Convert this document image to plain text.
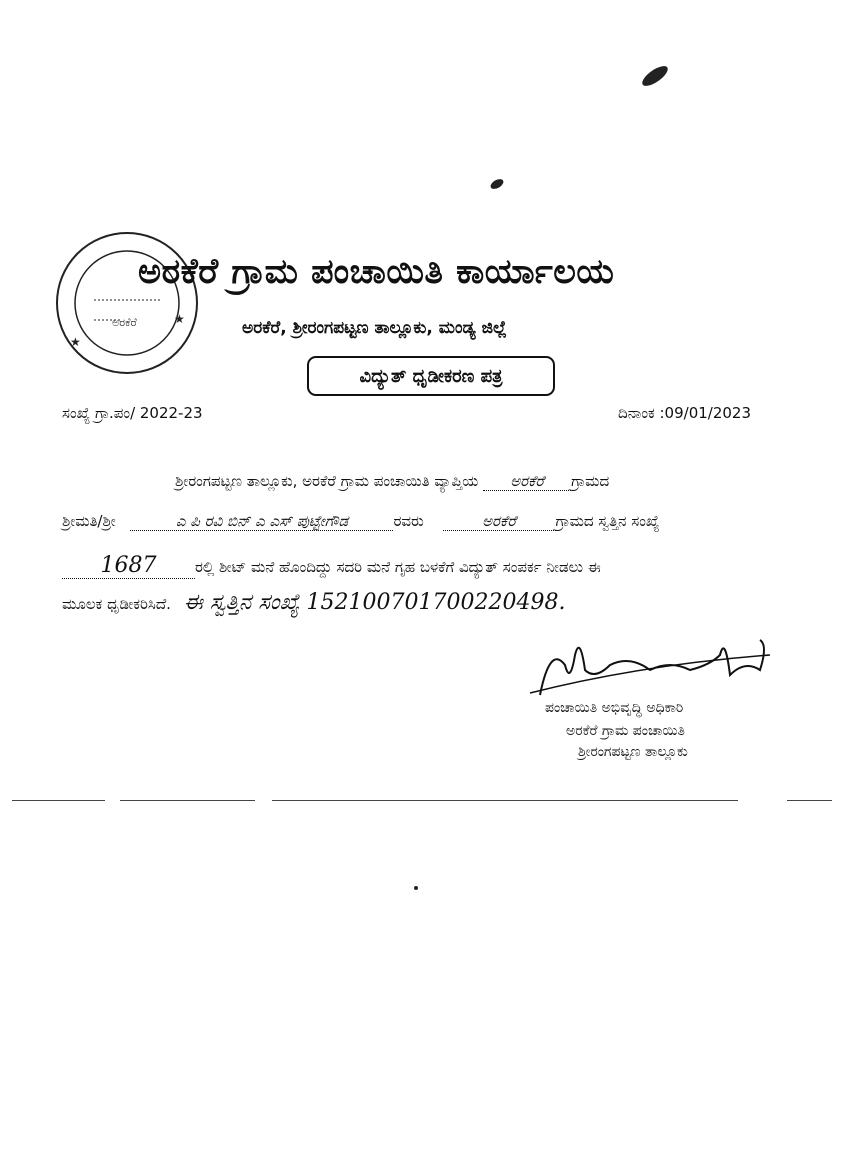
★
★
ಅರಕೆರೆ
ಅರಕೆರೆ ಗ್ರಾಮ ಪಂಚಾಯಿತಿ ಕಾರ್ಯಾಲಯ
ಅರಕೆರೆ, ಶ್ರೀರಂಗಪಟ್ಟಣ ತಾಲ್ಲೂಕು, ಮಂಡ್ಯ ಜಿಲ್ಲೆ
ವಿದ್ಯುತ್ ಧೃಡೀಕರಣ ಪತ್ರ
ಸಂಖ್ಯೆ ಗ್ರಾ.ಪಂ/ 2022-23	ದಿನಾಂಕ :09/01/2023
ಶ್ರೀರಂಗಪಟ್ಟಣ ತಾಲ್ಲೂಕು, ಅರಕೆರೆ ಗ್ರಾಮ ಪಂಚಾಯಿತಿ ವ್ಯಾಪ್ತಿಯ ಅರಕೆರೆ ಗ್ರಾಮದ
ಶ್ರೀಮತಿ/ಶ್ರೀ	ಎ ಪಿ ರವಿ ಬಿನ್ ಎ ಎಸ್ ಪುಟ್ಟೇಗೌಡ	ರವರು	ಅರಕೆರೆ	ಗ್ರಾಮದ ಸ್ವತ್ತಿನ ಸಂಖ್ಯೆ
1687	ರಲ್ಲಿ ಶೀಟ್ ಮನೆ ಹೊಂದಿದ್ದು ಸದರಿ ಮನೆ ಗೃಹ ಬಳಕೆಗೆ ವಿದ್ಯುತ್ ಸಂಪರ್ಕ ನೀಡಲು ಈ
ಮೂಲಕ ಧೃಡೀಕರಿಸಿದೆ. ಈ ಸ್ವತ್ತಿನ ಸಂಖ್ಯೆ 152100701700220498.
ಪಂಚಾಯಿತಿ ಅಭಿವೃದ್ಧಿ ಅಧಿಕಾರಿ
ಅರಕೆರೆ ಗ್ರಾಮ ಪಂಚಾಯಿತಿ
ಶ್ರೀರಂಗಪಟ್ಟಣ ತಾಲ್ಲೂಕು
